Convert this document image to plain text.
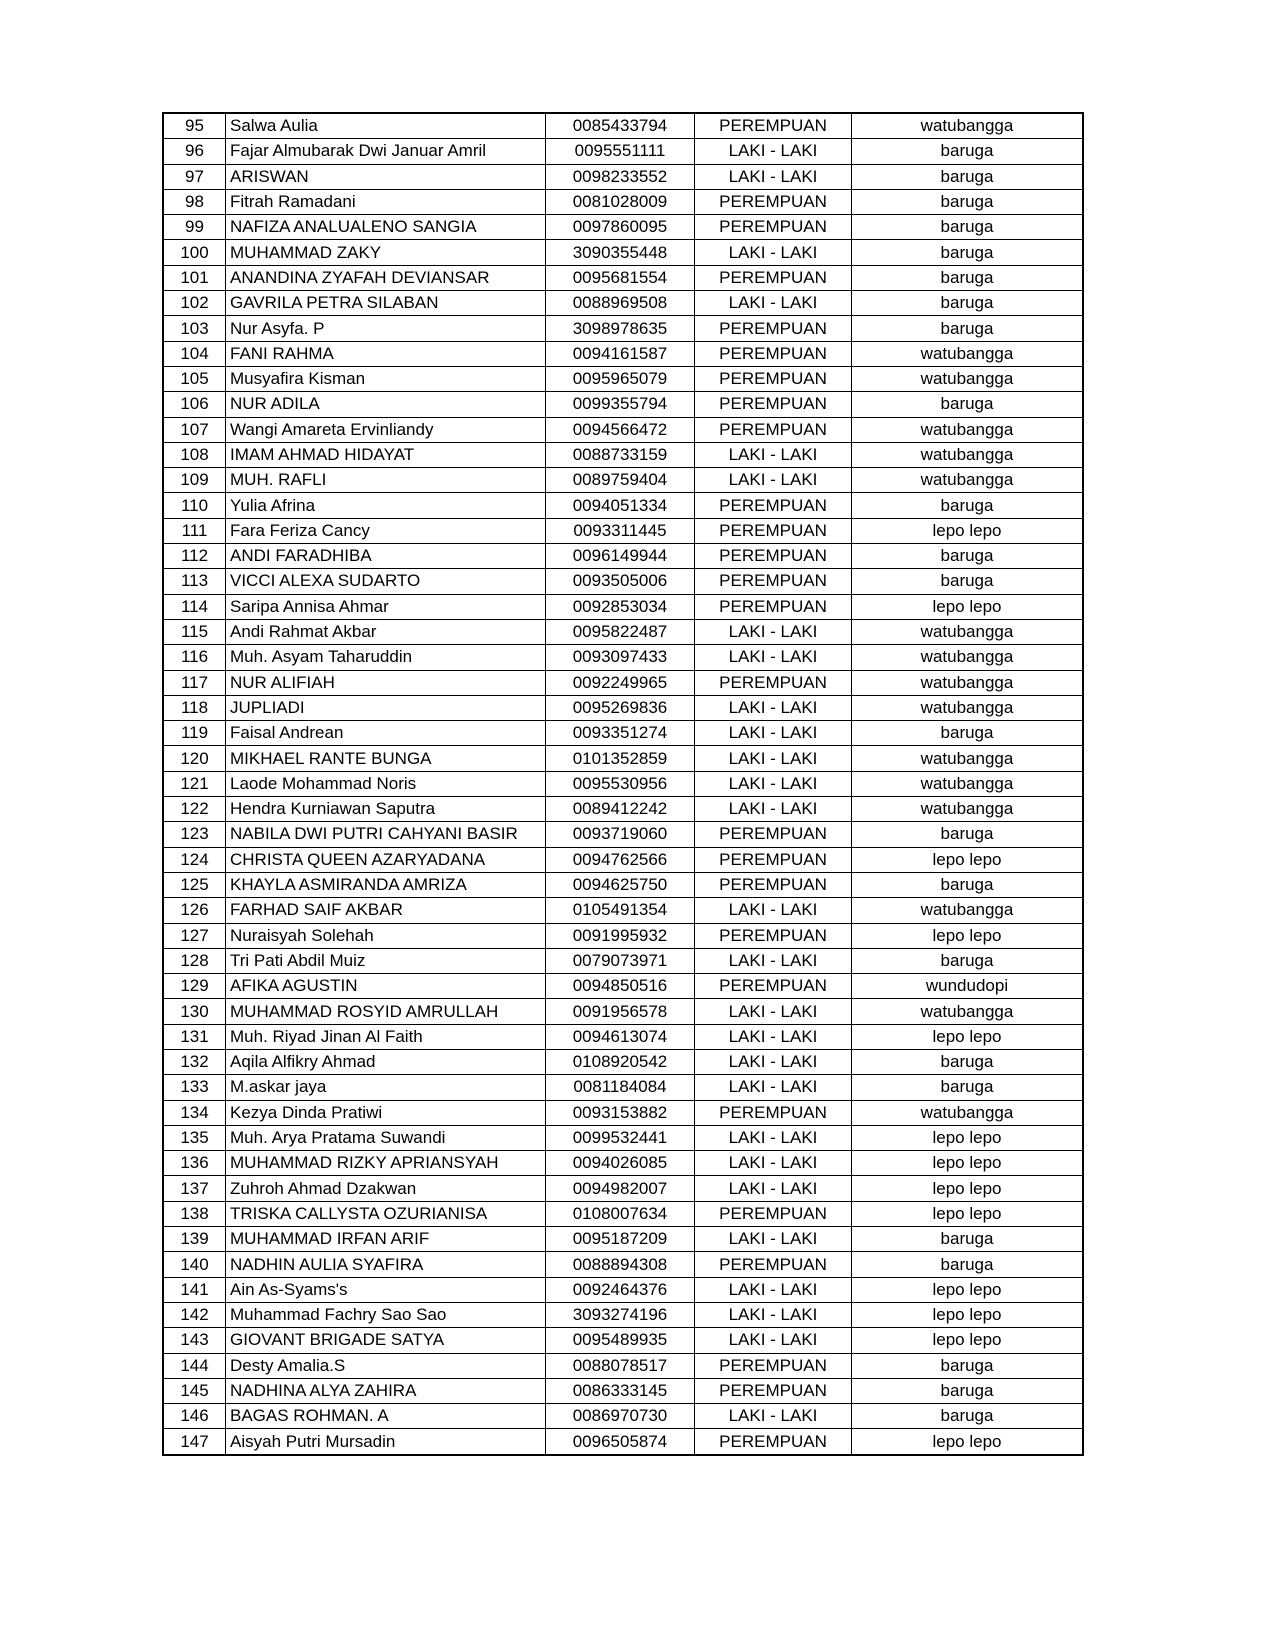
95	Salwa Aulia	0085433794	PEREMPUAN	watubangga
96	Fajar Almubarak Dwi Januar Amril	0095551111	LAKI - LAKI	baruga
97	ARISWAN	0098233552	LAKI - LAKI	baruga
98	Fitrah Ramadani	0081028009	PEREMPUAN	baruga
99	NAFIZA ANALUALENO SANGIA	0097860095	PEREMPUAN	baruga
100	MUHAMMAD ZAKY	3090355448	LAKI - LAKI	baruga
101	ANANDINA ZYAFAH DEVIANSAR	0095681554	PEREMPUAN	baruga
102	GAVRILA PETRA SILABAN	0088969508	LAKI - LAKI	baruga
103	Nur Asyfa. P	3098978635	PEREMPUAN	baruga
104	FANI RAHMA	0094161587	PEREMPUAN	watubangga
105	Musyafira Kisman	0095965079	PEREMPUAN	watubangga
106	NUR ADILA	0099355794	PEREMPUAN	baruga
107	Wangi Amareta Ervinliandy	0094566472	PEREMPUAN	watubangga
108	IMAM AHMAD HIDAYAT	0088733159	LAKI - LAKI	watubangga
109	MUH. RAFLI	0089759404	LAKI - LAKI	watubangga
110	Yulia Afrina	0094051334	PEREMPUAN	baruga
111	Fara Feriza Cancy	0093311445	PEREMPUAN	lepo lepo
112	ANDI FARADHIBA	0096149944	PEREMPUAN	baruga
113	VICCI ALEXA SUDARTO	0093505006	PEREMPUAN	baruga
114	Saripa Annisa Ahmar	0092853034	PEREMPUAN	lepo lepo
115	Andi Rahmat Akbar	0095822487	LAKI - LAKI	watubangga
116	Muh. Asyam Taharuddin	0093097433	LAKI - LAKI	watubangga
117	NUR ALIFIAH	0092249965	PEREMPUAN	watubangga
118	JUPLIADI	0095269836	LAKI - LAKI	watubangga
119	Faisal Andrean	0093351274	LAKI - LAKI	baruga
120	MIKHAEL RANTE BUNGA	0101352859	LAKI - LAKI	watubangga
121	Laode Mohammad Noris	0095530956	LAKI - LAKI	watubangga
122	Hendra Kurniawan Saputra	0089412242	LAKI - LAKI	watubangga
123	NABILA DWI PUTRI CAHYANI BASIR	0093719060	PEREMPUAN	baruga
124	CHRISTA QUEEN AZARYADANA	0094762566	PEREMPUAN	lepo lepo
125	KHAYLA ASMIRANDA AMRIZA	0094625750	PEREMPUAN	baruga
126	FARHAD SAIF AKBAR	0105491354	LAKI - LAKI	watubangga
127	Nuraisyah Solehah	0091995932	PEREMPUAN	lepo lepo
128	Tri Pati Abdil Muiz	0079073971	LAKI - LAKI	baruga
129	AFIKA AGUSTIN	0094850516	PEREMPUAN	wundudopi
130	MUHAMMAD ROSYID AMRULLAH	0091956578	LAKI - LAKI	watubangga
131	Muh. Riyad Jinan Al Faith	0094613074	LAKI - LAKI	lepo lepo
132	Aqila Alfikry Ahmad	0108920542	LAKI - LAKI	baruga
133	M.askar jaya	0081184084	LAKI - LAKI	baruga
134	Kezya Dinda Pratiwi	0093153882	PEREMPUAN	watubangga
135	Muh. Arya Pratama Suwandi	0099532441	LAKI - LAKI	lepo lepo
136	MUHAMMAD RIZKY APRIANSYAH	0094026085	LAKI - LAKI	lepo lepo
137	Zuhroh Ahmad Dzakwan	0094982007	LAKI - LAKI	lepo lepo
138	TRISKA CALLYSTA OZURIANISA	0108007634	PEREMPUAN	lepo lepo
139	MUHAMMAD IRFAN ARIF	0095187209	LAKI - LAKI	baruga
140	NADHIN AULIA SYAFIRA	0088894308	PEREMPUAN	baruga
141	Ain As-Syams's	0092464376	LAKI - LAKI	lepo lepo
142	Muhammad Fachry Sao Sao	3093274196	LAKI - LAKI	lepo lepo
143	GIOVANT BRIGADE SATYA	0095489935	LAKI - LAKI	lepo lepo
144	Desty Amalia.S	0088078517	PEREMPUAN	baruga
145	NADHINA ALYA ZAHIRA	0086333145	PEREMPUAN	baruga
146	BAGAS ROHMAN. A	0086970730	LAKI - LAKI	baruga
147	Aisyah Putri Mursadin	0096505874	PEREMPUAN	lepo lepo
